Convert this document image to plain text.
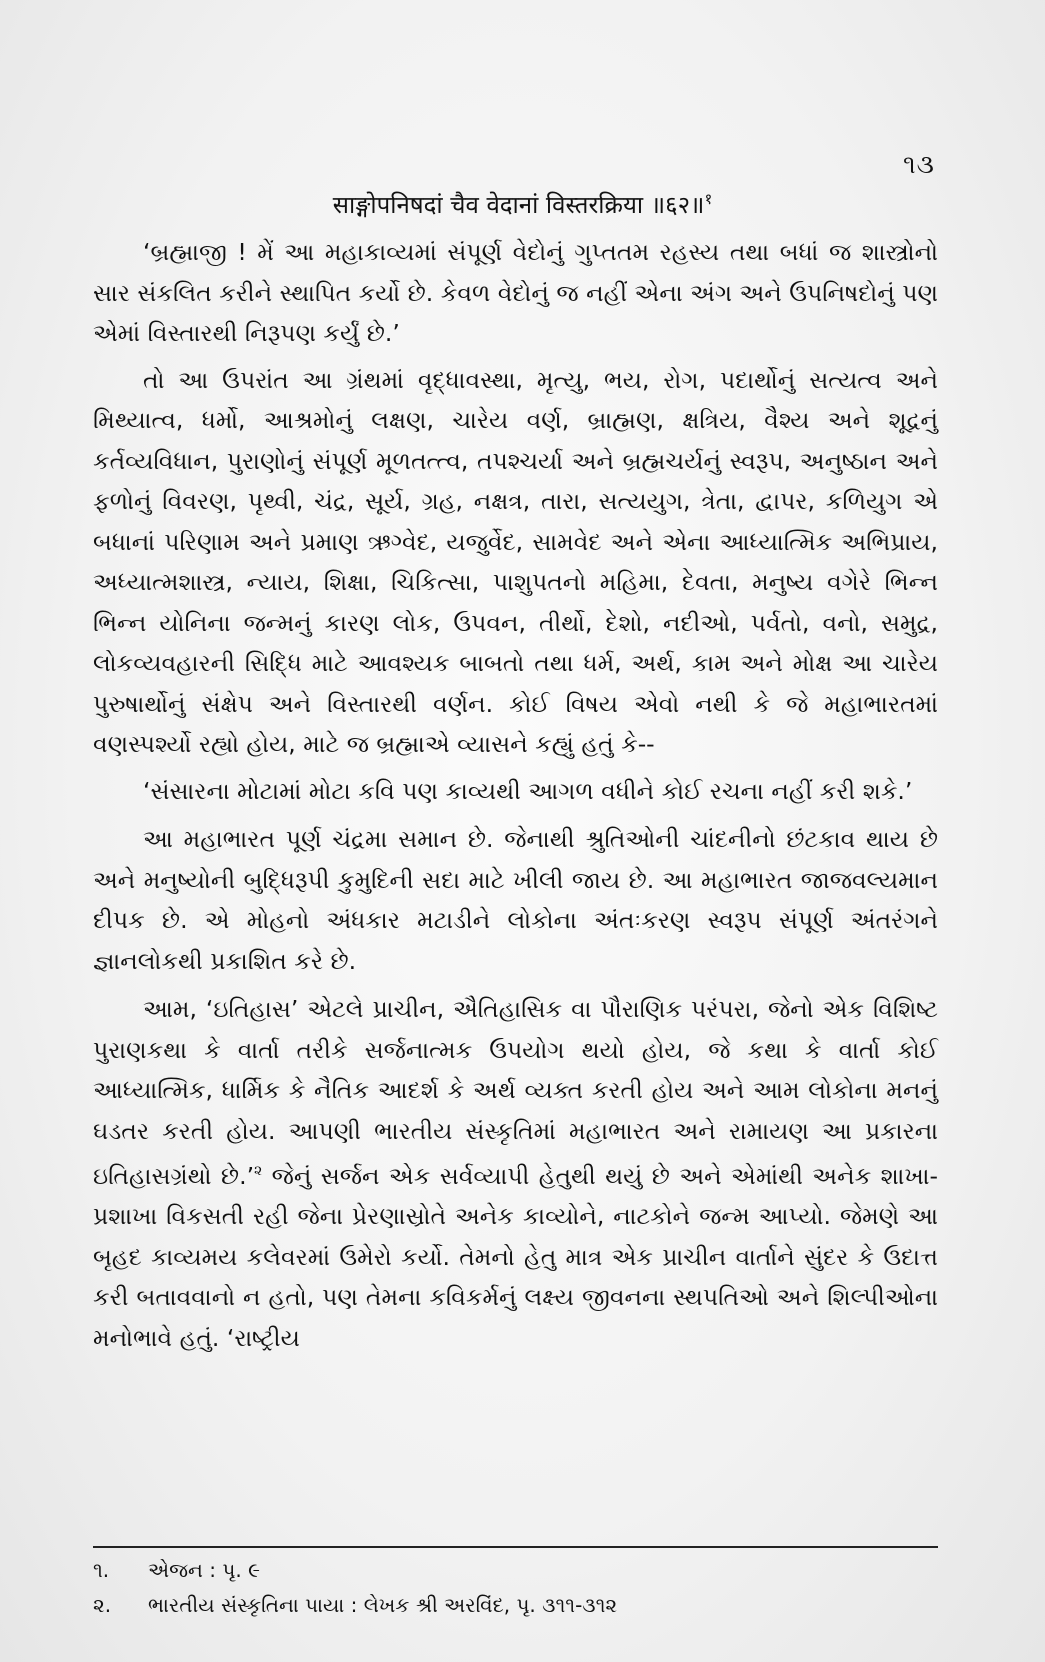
૧૩
साङ्गोपनिषदां चैव वेदानां विस्तरक्रिया ॥६२॥$^१$

‘બ્રહ્માજી ! મેં આ મહાકાવ્યમાં સંપૂર્ણ વેદોનું ગુપ્તતમ રહસ્ય તથા બધાં જ શાસ્ત્રોનો સાર સંકલિત કરીને સ્થાપિત કર્યો છે. કેવળ વેદોનું જ નહીં એના અંગ અને ઉપનિષદોનું પણ એમાં વિસ્તારથી નિરૂપણ કર્યું છે.’

તો આ ઉપરાંત આ ગ્રંથમાં વૃદ્ધાવસ્થા, મૃત્યુ, ભય, રોગ, પદાર્થોનું સત્યત્વ અને મિથ્યાત્વ, ધર્મો, આશ્રમોનું લક્ષણ, ચારેય વર્ણ, બ્રાહ્મણ, ક્ષત્રિય, વૈશ્ય અને શૂદ્રનું કર્તવ્યવિધાન, પુરાણોનું સંપૂર્ણ મૂળતત્ત્વ, તપશ્ચર્યા અને બ્રહ્મચર્યનું સ્વરૂપ, અનુષ્ઠાન અને ફળોનું વિવરણ, પૃથ્વી, ચંદ્ર, સૂર્ય, ગ્રહ, નક્ષત્ર, તારા, સત્યયુગ, ત્રેતા, દ્વાપર, કળિયુગ એ બધાનાં પરિણામ અને પ્રમાણ ઋગ્વેદ, યજુર્વેદ, સામવેદ અને એના આધ્યાત્મિક અભિપ્રાય, અધ્યાત્મશાસ્ત્ર, ન્યાય, શિક્ષા, ચિકિત્સા, પાશુપતનો મહિમા, દેવતા, મનુષ્ય વગેરે ભિન્ન ભિન્ન યોનિના જન્મનું કારણ લોક, ઉપવન, તીર્થો, દેશો, નદીઓ, પર્વતો, વનો, સમુદ્ર, લોકવ્યવહારની સિદ્ધિ માટે આવશ્યક બાબતો તથા ધર્મ, અર્થ, કામ અને મોક્ષ આ ચારેય પુરુષાર્થોનું સંક્ષેપ અને વિસ્તારથી વર્ણન. કોઈ વિષય એવો નથી કે જે મહાભારતમાં વણસ્પર્શ્યો રહ્યો હોય, માટે જ બ્રહ્માએ વ્યાસને કહ્યું હતું કે--

‘સંસારના મોટામાં મોટા કવિ પણ કાવ્યથી આગળ વધીને કોઈ રચના નહીં કરી શકે.’

આ મહાભારત પૂર્ણ ચંદ્રમા સમાન છે. જેનાથી શ્રુતિઓની ચાંદનીનો છંટકાવ થાય છે અને મનુષ્યોની બુદ્ધિરૂપી કુમુદિની સદા માટે ખીલી જાય છે. આ મહાભારત જાજવલ્યમાન દીપક છે. એ મોહનો અંધકાર મટાડીને લોકોના અંતઃકરણ સ્વરૂપ સંપૂર્ણ અંતરંગને જ્ઞાનલોકથી પ્રકાશિત કરે છે.

આમ, ‘ઇતિહાસ’ એટલે પ્રાચીન, ઐતિહાસિક વા પૌરાણિક પરંપરા, જેનો એક વિશિષ્ટ પુરાણકથા કે વાર્તા તરીકે સર્જનાત્મક ઉપયોગ થયો હોય, જે કથા કે વાર્તા કોઈ આધ્યાત્મિક, ધાર્મિક કે નૈતિક આદર્શ કે અર્થ વ્યક્ત કરતી હોય અને આમ લોકોના મનનું ઘડતર કરતી હોય. આપણી ભારતીય સંસ્કૃતિમાં મહાભારત અને રામાયણ આ પ્રકારના ઇતિહાસગ્રંથો છે.’$^૨$ જેનું સર્જન એક સર્વવ્યાપી હેતુથી થયું છે અને એમાંથી અનેક શાખા-પ્રશાખા વિકસતી રહી જેના પ્રેરણાસ્રોતે અનેક કાવ્યોને, નાટકોને જન્મ આપ્યો. જેમણે આ બૃહદ કાવ્યમય કલેવરમાં ઉમેરો કર્યો. તેમનો હેતુ માત્ર એક પ્રાચીન વાર્તાને સુંદર કે ઉદાત્ત કરી બતાવવાનો ન હતો, પણ તેમના કવિકર્મનું લક્ષ્ય જીવનના સ્થપતિઓ અને શિલ્પીઓના મનોભાવે હતું. ‘રાષ્ટ્રીય

૧.	એજન : પૃ. ૯
૨.	ભારતીય સંસ્કૃતિના પાયા : લેખક શ્રી અરવિંદ, પૃ. ૩૧૧-૩૧૨
